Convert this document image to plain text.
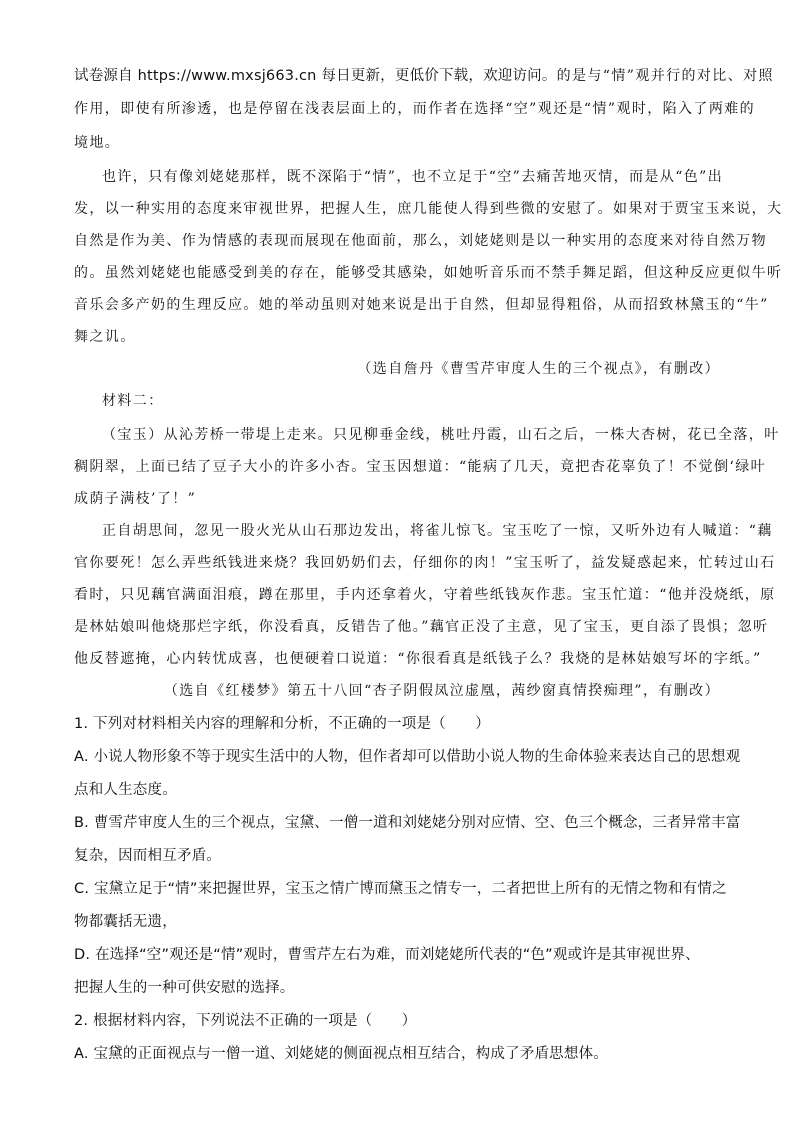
试卷源自 https://www.mxsj663.cn 每日更新，更低价下载，欢迎访问。的是与“情”观并行的对比、对照
作用，即使有所渗透，也是停留在浅表层面上的，而作者在选择“空”观还是“情”观时，陷入了两难的
境地。
也许，只有像刘姥姥那样，既不深陷于“情”，也不立足于“空”去痛苦地灭情，而是从“色”出
发，以一种实用的态度来审视世界，把握人生，庶几能使人得到些微的安慰了。如果对于贾宝玉来说，大
自然是作为美、作为情感的表现而展现在他面前，那么，刘姥姥则是以一种实用的态度来对待自然万物
的。虽然刘姥姥也能感受到美的存在，能够受其感染，如她听音乐而不禁手舞足蹈，但这种反应更似牛听
音乐会多产奶的生理反应。她的举动虽则对她来说是出于自然，但却显得粗俗，从而招致林黛玉的“牛”
舞之讥。
（选自詹丹《曹雪芹审度人生的三个视点》，有删改）
材料二：
（宝玉）从沁芳桥一带堤上走来。只见柳垂金线，桃吐丹霞，山石之后，一株大杏树，花已全落，叶
稠阴翠，上面已结了豆子大小的许多小杏。宝玉因想道：“能病了几天，竟把杏花辜负了！不觉倒‘绿叶
成荫子满枝’了！”
正自胡思间，忽见一股火光从山石那边发出，将雀儿惊飞。宝玉吃了一惊，又听外边有人喊道：“藕
官你要死！怎么弄些纸钱进来烧？我回奶奶们去，仔细你的肉！”宝玉听了，益发疑惑起来，忙转过山石
看时，只见藕官满面泪痕，蹲在那里，手内还拿着火，守着些纸钱灰作悲。宝玉忙道：“他并没烧纸，原
是林姑娘叫他烧那烂字纸，你没看真，反错告了他。”藕官正没了主意，见了宝玉，更自添了畏惧；忽听
他反替遮掩，心内转忧成喜，也便硬着口说道：“你很看真是纸钱子么？我烧的是林姑娘写坏的字纸。”
（选自《红楼梦》第五十八回“杏子阴假凤泣虚凰，茜纱窗真情揆痴理”，有删改）
1. 下列对材料相关内容的理解和分析，不正确的一项是（　　）
A. 小说人物形象不等于现实生活中的人物，但作者却可以借助小说人物的生命体验来表达自己的思想观
点和人生态度。
B. 曹雪芹审度人生的三个视点，宝黛、一僧一道和刘姥姥分别对应情、空、色三个概念，三者异常丰富
复杂，因而相互矛盾。
C. 宝黛立足于“情”来把握世界，宝玉之情广博而黛玉之情专一，二者把世上所有的无情之物和有情之
物都囊括无遗，
D. 在选择“空”观还是“情”观时，曹雪芹左右为难，而刘姥姥所代表的“色”观或许是其审视世界、
把握人生的一种可供安慰的选择。
2. 根据材料内容，下列说法不正确的一项是（　　）
A. 宝黛的正面视点与一僧一道、刘姥姥的侧面视点相互结合，构成了矛盾思想体。
